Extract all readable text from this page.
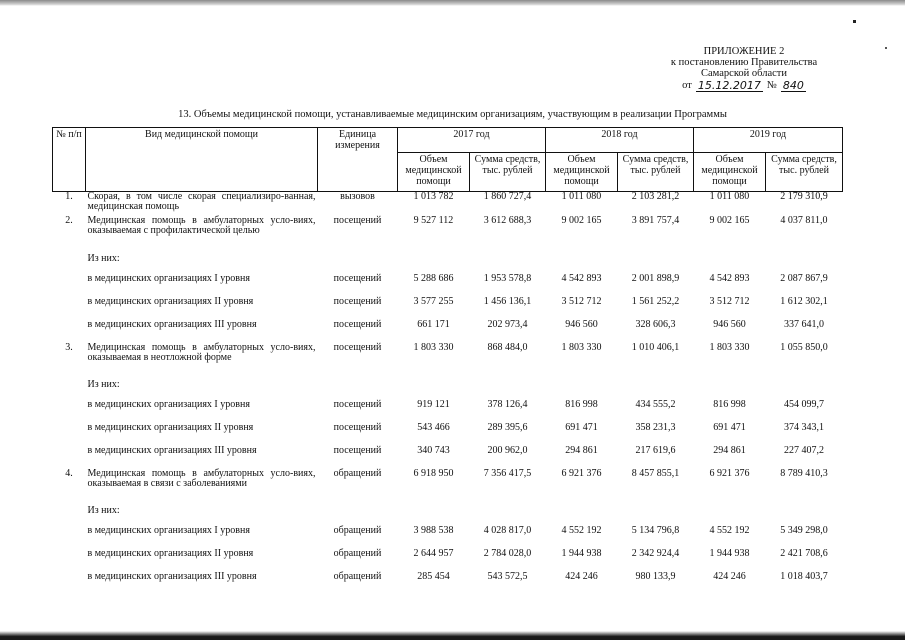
ПРИЛОЖЕНИЕ 2
к постановлению Правительства
Самарской области
от 15.12.2017 № 840
13. Объемы медицинской помощи, устанавливаемые медицинским организациям, участвующим в реализации Программы
№ п/п	Вид медицинской помощи	Единица измерения	2017 год		2018 год		2019 год	
			Объем медицинской помощи	Сумма средств, тыс. рублей	Объем медицинской помощи	Сумма средств, тыс. рублей	Объем медицинской помощи	Сумма средств, тыс. рублей
1.	Скорая, в том числе скорая специализиро-ванная, медицинская помощь	вызовов	1 013 782	1 860 727,4	1 011 080	2 103 281,2	1 011 080	2 179 310,9
2.	Медицинская помощь в амбулаторных усло-виях, оказываемая с профилактической целью	посещений	9 527 112	3 612 688,3	9 002 165	3 891 757,4	9 002 165	4 037 811,0
	Из них:							
	в медицинских организациях I уровня	посещений	5 288 686	1 953 578,8	4 542 893	2 001 898,9	4 542 893	2 087 867,9
	в медицинских организациях II уровня	посещений	3 577 255	1 456 136,1	3 512 712	1 561 252,2	3 512 712	1 612 302,1
	в медицинских организациях III уровня	посещений	661 171	202 973,4	946 560	328 606,3	946 560	337 641,0
3.	Медицинская помощь в амбулаторных усло-виях, оказываемая в неотложной форме	посещений	1 803 330	868 484,0	1 803 330	1 010 406,1	1 803 330	1 055 850,0
	Из них:							
	в медицинских организациях I уровня	посещений	919 121	378 126,4	816 998	434 555,2	816 998	454 099,7
	в медицинских организациях II уровня	посещений	543 466	289 395,6	691 471	358 231,3	691 471	374 343,1
	в медицинских организациях III уровня	посещений	340 743	200 962,0	294 861	217 619,6	294 861	227 407,2
4.	Медицинская помощь в амбулаторных усло-виях, оказываемая в связи с заболеваниями	обращений	6 918 950	7 356 417,5	6 921 376	8 457 855,1	6 921 376	8 789 410,3
	Из них:							
	в медицинских организациях I уровня	обращений	3 988 538	4 028 817,0	4 552 192	5 134 796,8	4 552 192	5 349 298,0
	в медицинских организациях II уровня	обращений	2 644 957	2 784 028,0	1 944 938	2 342 924,4	1 944 938	2 421 708,6
	в медицинских организациях III уровня	обращений	285 454	543 572,5	424 246	980 133,9	424 246	1 018 403,7
